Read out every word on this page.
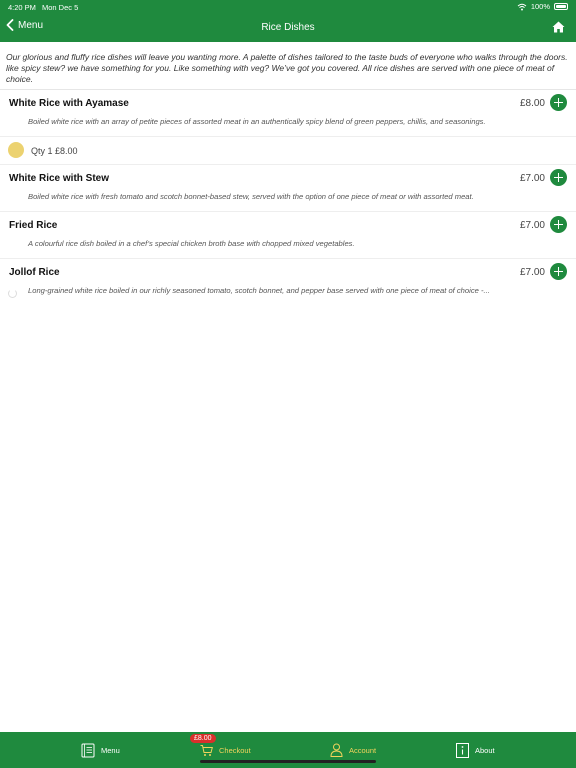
4:20 PM Mon Dec 5	100%
Menu	Rice Dishes

Our glorious and fluffy rice dishes will leave you wanting more. A palette of dishes tailored to the taste buds of everyone who walks through the doors. like spicy stew? we have something for you. Like something with veg? We’ve got you covered. All rice dishes are served with one piece of meat of choice.

White Rice with Ayamase	£8.00
Boiled white rice with an array of petite pieces of assorted meat in an authentically spicy blend of green peppers, chillis, and seasonings.
Qty 1 £8.00
White Rice with Stew	£7.00
Boiled white rice with fresh tomato and scotch bonnet-based stew, served with the option of one piece of meat or with assorted meat.
Fried Rice	£7.00
A colourful rice dish boiled in a chef’s special chicken broth base with chopped mixed vegetables.
Jollof Rice	£7.00
Long-grained white rice boiled in our richly seasoned tomato, scotch bonnet, and pepper base served with one piece of meat of choice -...
Menu
£8.00
Checkout	Account	About
